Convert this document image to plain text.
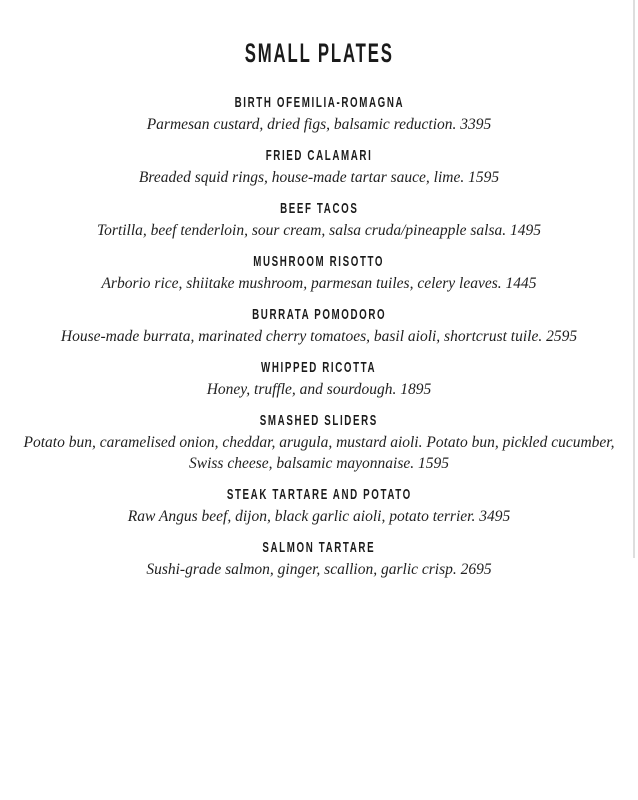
SMALL PLATES
BIRTH OFEMILIA-ROMAGNA
Parmesan custard, dried figs, balsamic reduction. 3395
FRIED CALAMARI
Breaded squid rings, house-made tartar sauce, lime. 1595
BEEF TACOS
Tortilla, beef tenderloin, sour cream, salsa cruda/pineapple salsa. 1495
MUSHROOM RISOTTO
Arborio rice, shiitake mushroom, parmesan tuiles, celery leaves. 1445
BURRATA POMODORO
House-made burrata, marinated cherry tomatoes, basil aioli, shortcrust tuile. 2595
WHIPPED RICOTTA
Honey, truffle, and sourdough. 1895
SMASHED SLIDERS
Potato bun, caramelised onion, cheddar, arugula, mustard aioli. Potato bun, pickled cucumber, Swiss cheese, balsamic mayonnaise. 1595
STEAK TARTARE AND POTATO
Raw Angus beef, dijon, black garlic aioli, potato terrier. 3495
SALMON TARTARE
Sushi-grade salmon, ginger, scallion, garlic crisp. 2695
